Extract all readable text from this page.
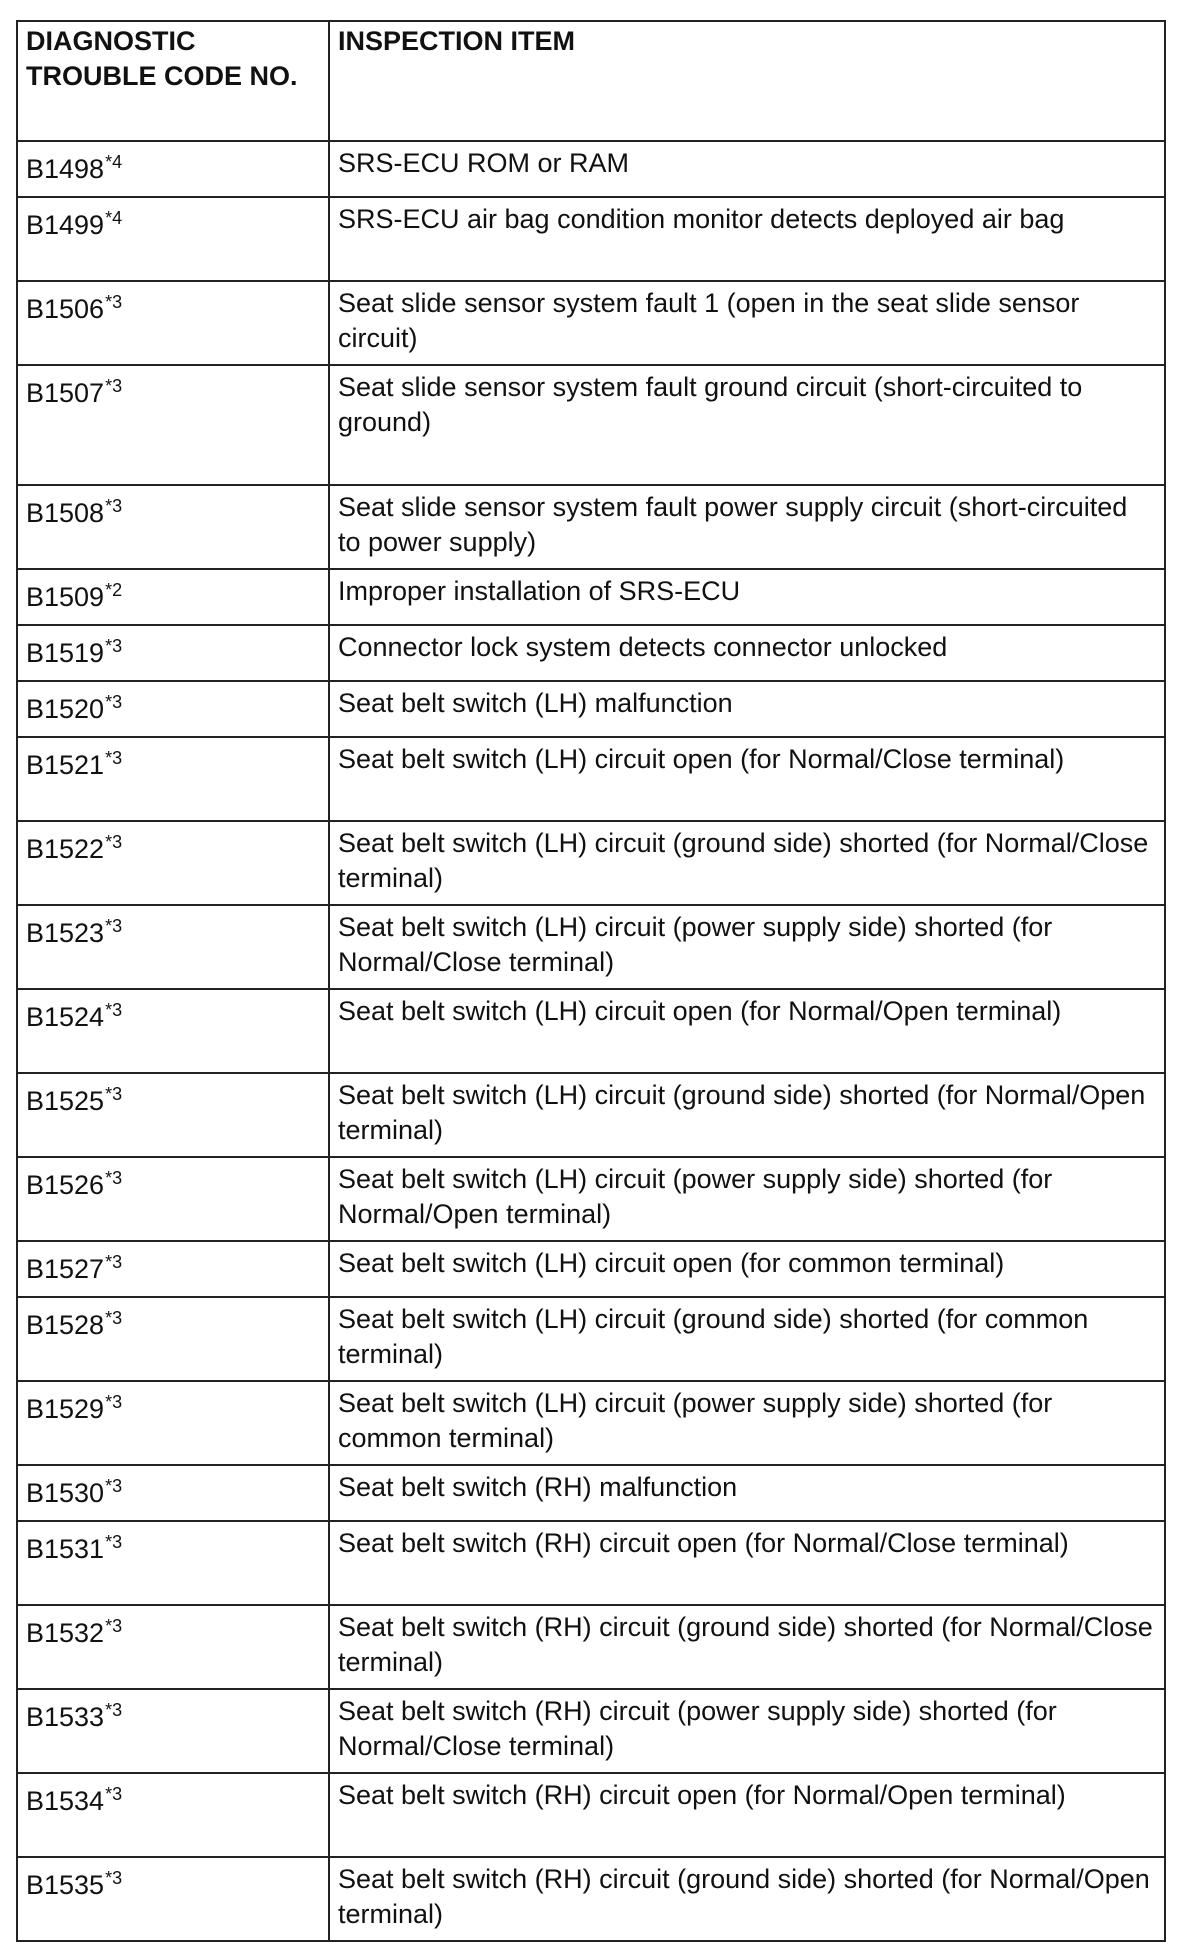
DIAGNOSTIC TROUBLE CODE NO.	INSPECTION ITEM
B1498$^{*4}$	SRS-ECU ROM or RAM
B1499$^{*4}$	SRS-ECU air bag condition monitor detects deployed air bag
B1506$^{*3}$	Seat slide sensor system fault 1 (open in the seat slide sensor circuit)
B1507$^{*3}$	Seat slide sensor system fault ground circuit (short-circuited to ground)
B1508$^{*3}$	Seat slide sensor system fault power supply circuit (short-circuited to power supply)
B1509$^{*2}$	Improper installation of SRS-ECU
B1519$^{*3}$	Connector lock system detects connector unlocked
B1520$^{*3}$	Seat belt switch (LH) malfunction
B1521$^{*3}$	Seat belt switch (LH) circuit open (for Normal/Close terminal)
B1522$^{*3}$	Seat belt switch (LH) circuit (ground side) shorted (for Normal/Close terminal)
B1523$^{*3}$	Seat belt switch (LH) circuit (power supply side) shorted (for Normal/Close terminal)
B1524$^{*3}$	Seat belt switch (LH) circuit open (for Normal/Open terminal)
B1525$^{*3}$	Seat belt switch (LH) circuit (ground side) shorted (for Normal/Open terminal)
B1526$^{*3}$	Seat belt switch (LH) circuit (power supply side) shorted (for Normal/Open terminal)
B1527$^{*3}$	Seat belt switch (LH) circuit open (for common terminal)
B1528$^{*3}$	Seat belt switch (LH) circuit (ground side) shorted (for common terminal)
B1529$^{*3}$	Seat belt switch (LH) circuit (power supply side) shorted (for common terminal)
B1530$^{*3}$	Seat belt switch (RH) malfunction
B1531$^{*3}$	Seat belt switch (RH) circuit open (for Normal/Close terminal)
B1532$^{*3}$	Seat belt switch (RH) circuit (ground side) shorted (for Normal/Close terminal)
B1533$^{*3}$	Seat belt switch (RH) circuit (power supply side) shorted (for Normal/Close terminal)
B1534$^{*3}$	Seat belt switch (RH) circuit open (for Normal/Open terminal)
B1535$^{*3}$	Seat belt switch (RH) circuit (ground side) shorted (for Normal/Open terminal)
